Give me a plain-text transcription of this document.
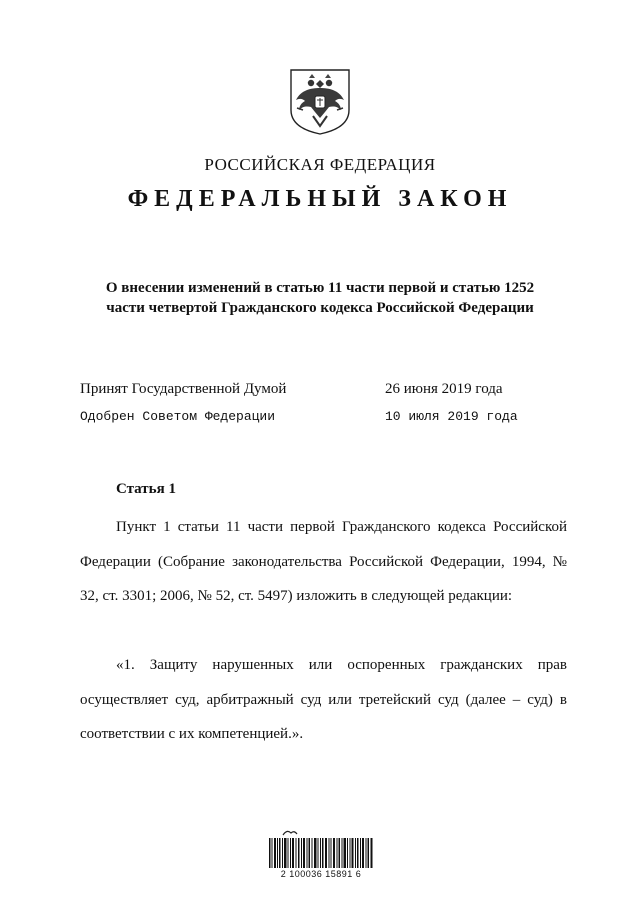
РОССИЙСКАЯ ФЕДЕРАЦИЯ
ФЕДЕРАЛЬНЫЙ ЗАКОН
О внесении изменений в статью 11 части первой и статью 1252
части четвертой Гражданского кодекса Российской Федерации
Принят Государственной Думой	26 июня 2019 года
Одобрен Советом Федерации	10 июля 2019 года
Статья 1
Пункт 1 статьи 11 части первой Гражданского кодекса Российской Федерации (Собрание законодательства Российской Федерации, 1994, № 32, ст. 3301; 2006, № 52, ст. 5497) изложить в следующей редакции:
«1. Защиту нарушенных или оспоренных гражданских прав осуществляет суд, арбитражный суд или третейский суд (далее – суд) в соответствии с их компетенцией.».
2 100036 15891 6
